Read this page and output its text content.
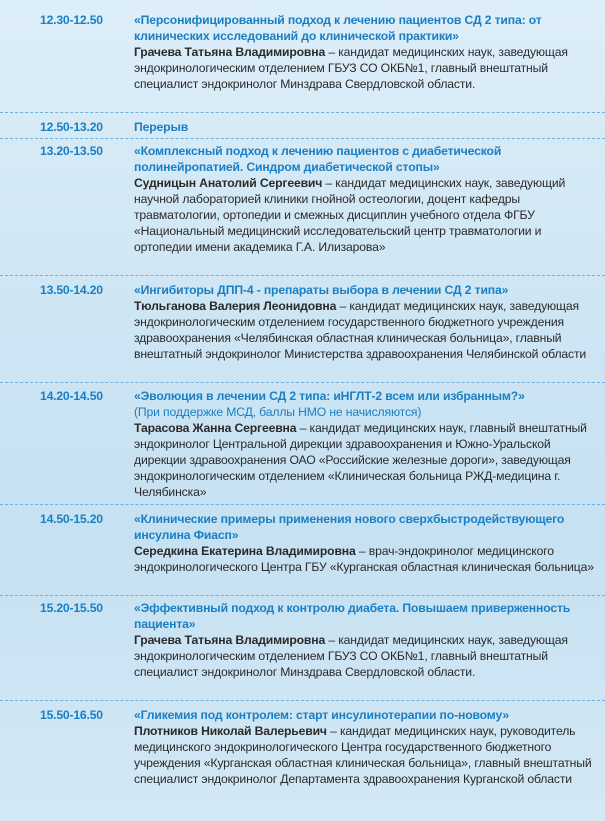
12.30-12.50	«Персонифицированный подход к лечению пациентов СД 2 типа: от клинических исследований до клинической практики»
Грачева Татьяна Владимировна – кандидат медицинских наук, заведующая эндокринологическим отделением ГБУЗ СО ОКБ№1, главный внештатный специалист эндокринолог Минздрава Свердловской области.
12.50-13.20	Перерыв
13.20-13.50	«Комплексный подход к лечению пациентов с диабетической полинейропатией. Синдром диабетической стопы»
Судницын Анатолий Сергеевич – кандидат медицинских наук, заведующий научной лабораторией клиники гнойной остеологии, доцент кафедры травматологии, ортопедии и смежных дисциплин учебного отдела ФГБУ «Национальный медицинский исследовательский центр травматологии и ортопедии имени академика Г.А. Илизарова»
13.50-14.20	«Ингибиторы ДПП-4 - препараты выбора в лечении СД 2 типа»
Тюльганова Валерия Леонидовна – кандидат медицинских наук, заведующая эндокринологическим отделением государственного бюджетного учреждения здравоохранения «Челябинская областная клиническая больница», главный внештатный эндокринолог Министерства здравоохранения Челябинской области
14.20-14.50	«Эволюция в лечении СД 2 типа: иНГЛТ-2 всем или избранным?»
(При поддержке МСД, баллы НМО не начисляются)
Тарасова Жанна Сергеевна – кандидат медицинских наук, главный внештатный эндокринолог Центральной дирекции здравоохранения и Южно-Уральской дирекции здравоохранения ОАО «Российские железные дороги», заведующая эндокринологическим отделением «Клиническая больница РЖД-медицина г. Челябинска»
14.50-15.20	«Клинические примеры применения нового сверхбыстродействующего инсулина Фиасп»
Середкина Екатерина Владимировна – врач-эндокринолог медицинского эндокринологического Центра ГБУ «Курганская областная клиническая больница»
15.20-15.50	«Эффективный подход к контролю диабета. Повышаем приверженность пациента»
Грачева Татьяна Владимировна – кандидат медицинских наук, заведующая эндокринологическим отделением ГБУЗ СО ОКБ№1, главный внештатный специалист эндокринолог Минздрава Свердловской области.
15.50-16.50	«Гликемия под контролем: старт инсулинотерапии по-новому»
Плотников Николай Валерьевич – кандидат медицинских наук, руководитель медицинского эндокринологического Центра государственного бюджетного учреждения «Курганская областная клиническая больница», главный внештатный специалист эндокринолог Департамента здравоохранения Курганской области
